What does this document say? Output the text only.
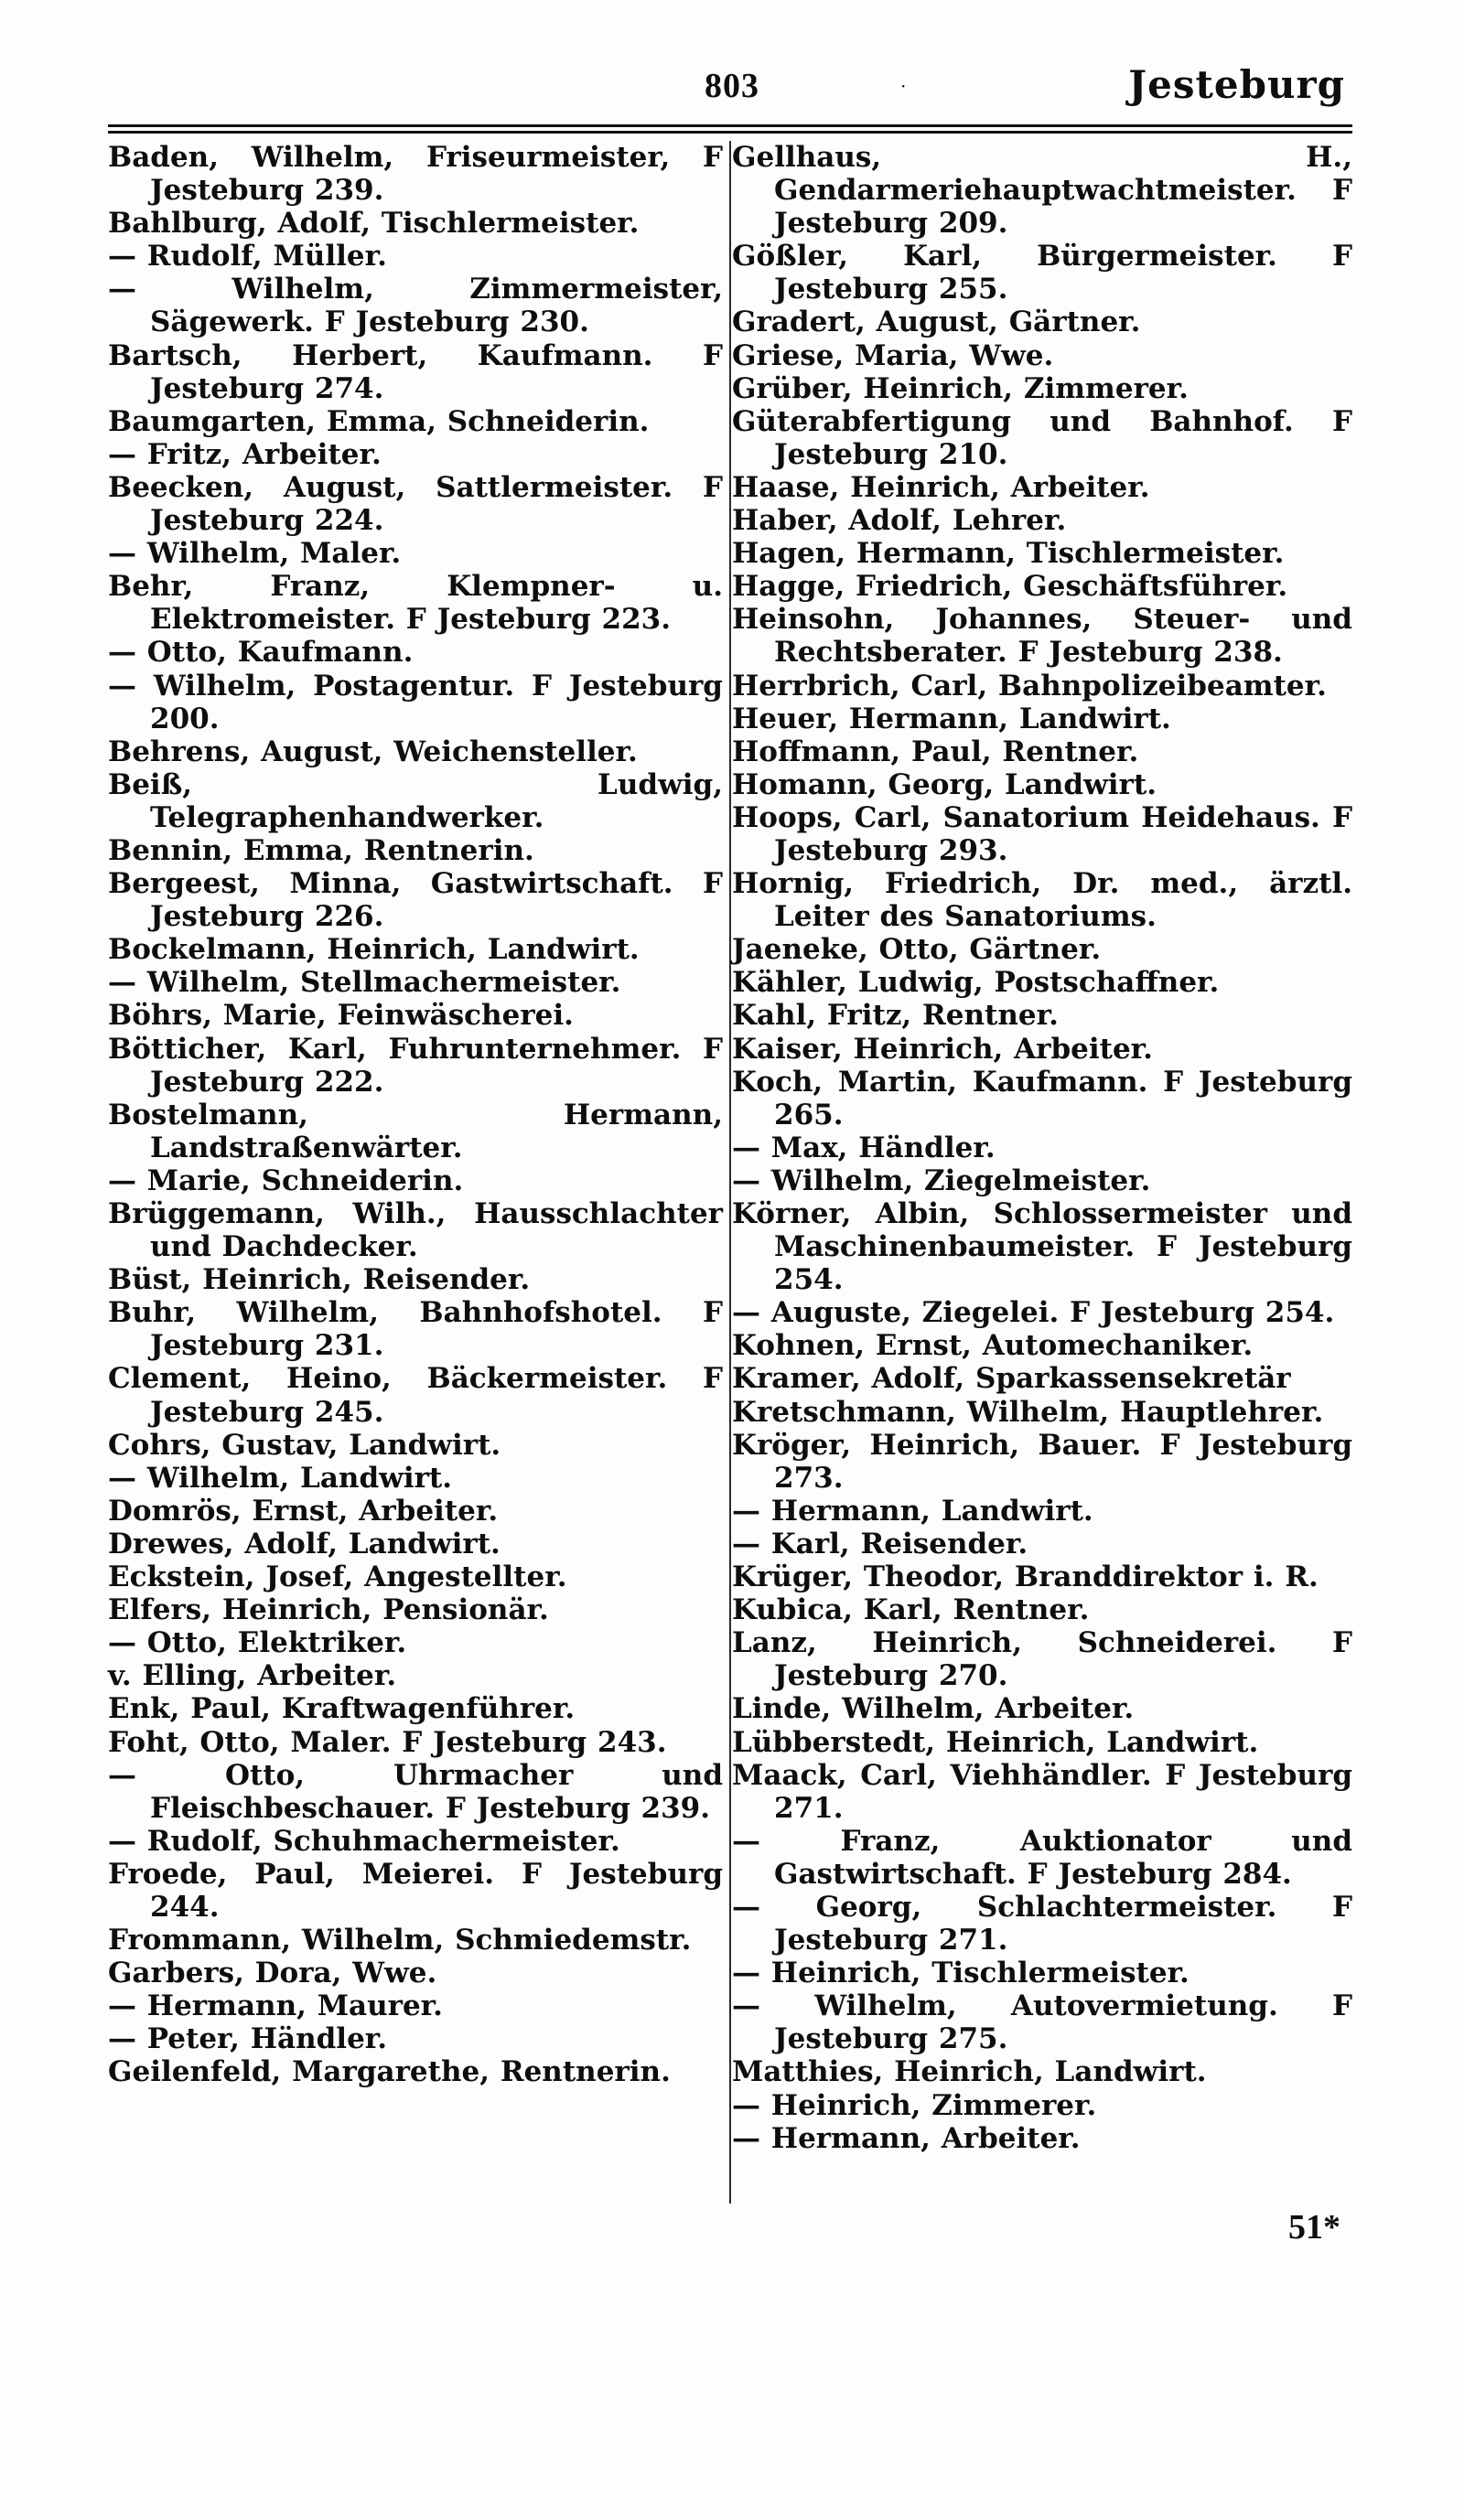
803	·	Jesteburg
Baden, Wilhelm, Friseurmeister, F Jesteburg 239.
Bahlburg, Adolf, Tischlermeister.
— Rudolf, Müller.
— Wilhelm, Zimmermeister, Sägewerk. F Jesteburg 230.
Bartsch, Herbert, Kaufmann. F Jesteburg 274.
Baumgarten, Emma, Schneiderin.
— Fritz, Arbeiter.
Beecken, August, Sattlermeister. F Jesteburg 224.
— Wilhelm, Maler.
Behr, Franz, Klempner- u. Elektromeister. F Jesteburg 223.
— Otto, Kaufmann.
— Wilhelm, Postagentur. F Jesteburg 200.
Behrens, August, Weichensteller.
Beiß, Ludwig, Telegraphenhandwerker.
Bennin, Emma, Rentnerin.
Bergeest, Minna, Gastwirtschaft. F Jesteburg 226.
Bockelmann, Heinrich, Landwirt.
— Wilhelm, Stellmachermeister.
Böhrs, Marie, Feinwäscherei.
Bötticher, Karl, Fuhrunternehmer. F Jesteburg 222.
Bostelmann, Hermann, Landstraßenwärter.
— Marie, Schneiderin.
Brüggemann, Wilh., Hausschlachter und Dachdecker.
Büst, Heinrich, Reisender.
Buhr, Wilhelm, Bahnhofshotel. F Jesteburg 231.
Clement, Heino, Bäckermeister. F Jesteburg 245.
Cohrs, Gustav, Landwirt.
— Wilhelm, Landwirt.
Domrös, Ernst, Arbeiter.
Drewes, Adolf, Landwirt.
Eckstein, Josef, Angestellter.
Elfers, Heinrich, Pensionär.
— Otto, Elektriker.
v. Elling, Arbeiter.
Enk, Paul, Kraftwagenführer.
Foht, Otto, Maler. F Jesteburg 243.
— Otto, Uhrmacher und Fleischbeschauer. F Jesteburg 239.
— Rudolf, Schuhmachermeister.
Froede, Paul, Meierei. F Jesteburg 244.
Frommann, Wilhelm, Schmiedemstr.
Garbers, Dora, Wwe.
— Hermann, Maurer.
— Peter, Händler.
Geilenfeld, Margarethe, Rentnerin.
Gellhaus, H., Gendarmeriehauptwachtmeister. F Jesteburg 209.
Gößler, Karl, Bürgermeister. F Jesteburg 255.
Gradert, August, Gärtner.
Griese, Maria, Wwe.
Grüber, Heinrich, Zimmerer.
Güterabfertigung und Bahnhof. F Jesteburg 210.
Haase, Heinrich, Arbeiter.
Haber, Adolf, Lehrer.
Hagen, Hermann, Tischlermeister.
Hagge, Friedrich, Geschäftsführer.
Heinsohn, Johannes, Steuer- und Rechtsberater. F Jesteburg 238.
Herrbrich, Carl, Bahnpolizeibeamter.
Heuer, Hermann, Landwirt.
Hoffmann, Paul, Rentner.
Homann, Georg, Landwirt.
Hoops, Carl, Sanatorium Heidehaus. F Jesteburg 293.
Hornig, Friedrich, Dr. med., ärztl. Leiter des Sanatoriums.
Jaeneke, Otto, Gärtner.
Kähler, Ludwig, Postschaffner.
Kahl, Fritz, Rentner.
Kaiser, Heinrich, Arbeiter.
Koch, Martin, Kaufmann. F Jesteburg 265.
— Max, Händler.
— Wilhelm, Ziegelmeister.
Körner, Albin, Schlossermeister und Maschinenbaumeister. F Jesteburg 254.
— Auguste, Ziegelei. F Jesteburg 254.
Kohnen, Ernst, Automechaniker.
Kramer, Adolf, Sparkassensekretär
Kretschmann, Wilhelm, Hauptlehrer.
Kröger, Heinrich, Bauer. F Jesteburg 273.
— Hermann, Landwirt.
— Karl, Reisender.
Krüger, Theodor, Branddirektor i. R.
Kubica, Karl, Rentner.
Lanz, Heinrich, Schneiderei. F Jesteburg 270.
Linde, Wilhelm, Arbeiter.
Lübberstedt, Heinrich, Landwirt.
Maack, Carl, Viehhändler. F Jesteburg 271.
— Franz, Auktionator und Gastwirtschaft. F Jesteburg 284.
— Georg, Schlachtermeister. F Jesteburg 271.
— Heinrich, Tischlermeister.
— Wilhelm, Autovermietung. F Jesteburg 275.
Matthies, Heinrich, Landwirt.
— Heinrich, Zimmerer.
— Hermann, Arbeiter.
51*
